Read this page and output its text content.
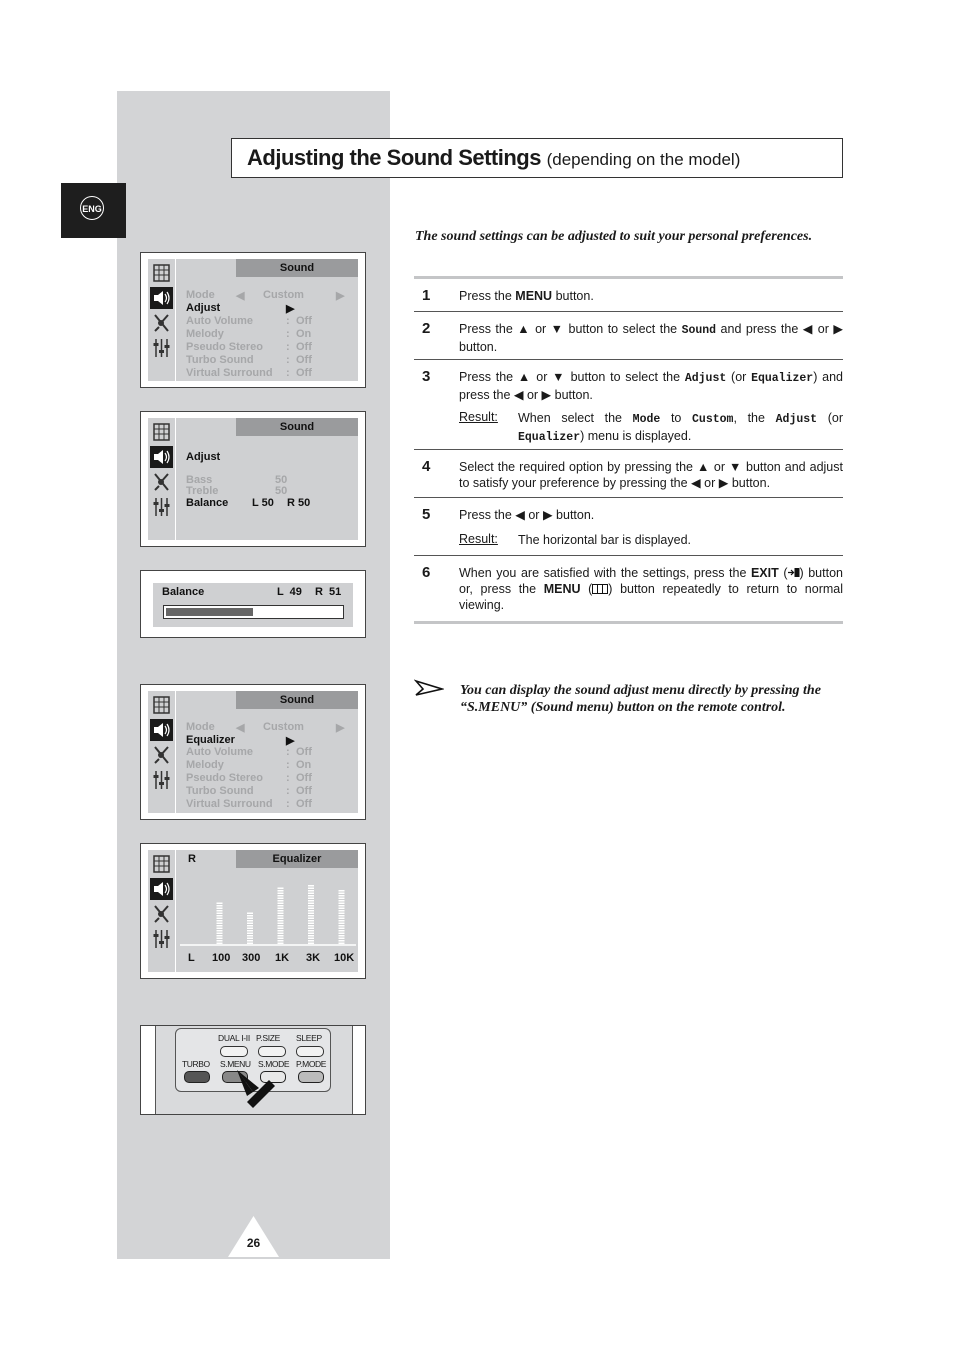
ENG
Adjusting the Sound Settings (depending on the model)
The sound settings can be adjusted to suit your personal preferences.
1 Press the MENU button.
2 Press the ▲ or ▼ button to select the Sound and press the ◀ or ▶ button.
3 Press the ▲ or ▼ button to select the Adjust (or Equalizer) and press the ◀ or ▶ button.
Result: When select the Mode to Custom, the Adjust (or Equalizer) menu is displayed.
4 Select the required option by pressing the ▲ or ▼ button and adjust to satisfy your preference by pressing the ◀ or ▶ button.
5 Press the ◀ or ▶ button.
Result: The horizontal bar is displayed.
6 When you are satisfied with the settings, press the EXIT ( ) button or, press the MENU ( ) button repeatedly to return to normal viewing.
You can display the sound adjust menu directly by pressing the “S.MENU” (Sound menu) button on the remote control.
Sound
Mode ◀ Custom	▶
Adjust	▶
Auto Volume	: Off
Melody	: On
Pseudo Stereo : Off
Turbo Sound	: Off
Virtual Surround : Off
Sound
Adjust
Bass	50
Treble	50
Balance L 50 R 50
Balance	L  49 R  51
Sound
Mode ◀ Custom	▶
Equalizer	▶
Auto Volume	: Off
Melody	: On
Pseudo Stereo : Off
Turbo Sound	: Off
Virtual Surround : Off
Equalizer
R
L 100 300 1K 3K 10K
DUAL I-II P.SIZE SLEEP
TURBO S.MENU S.MODE P.MODE
26
